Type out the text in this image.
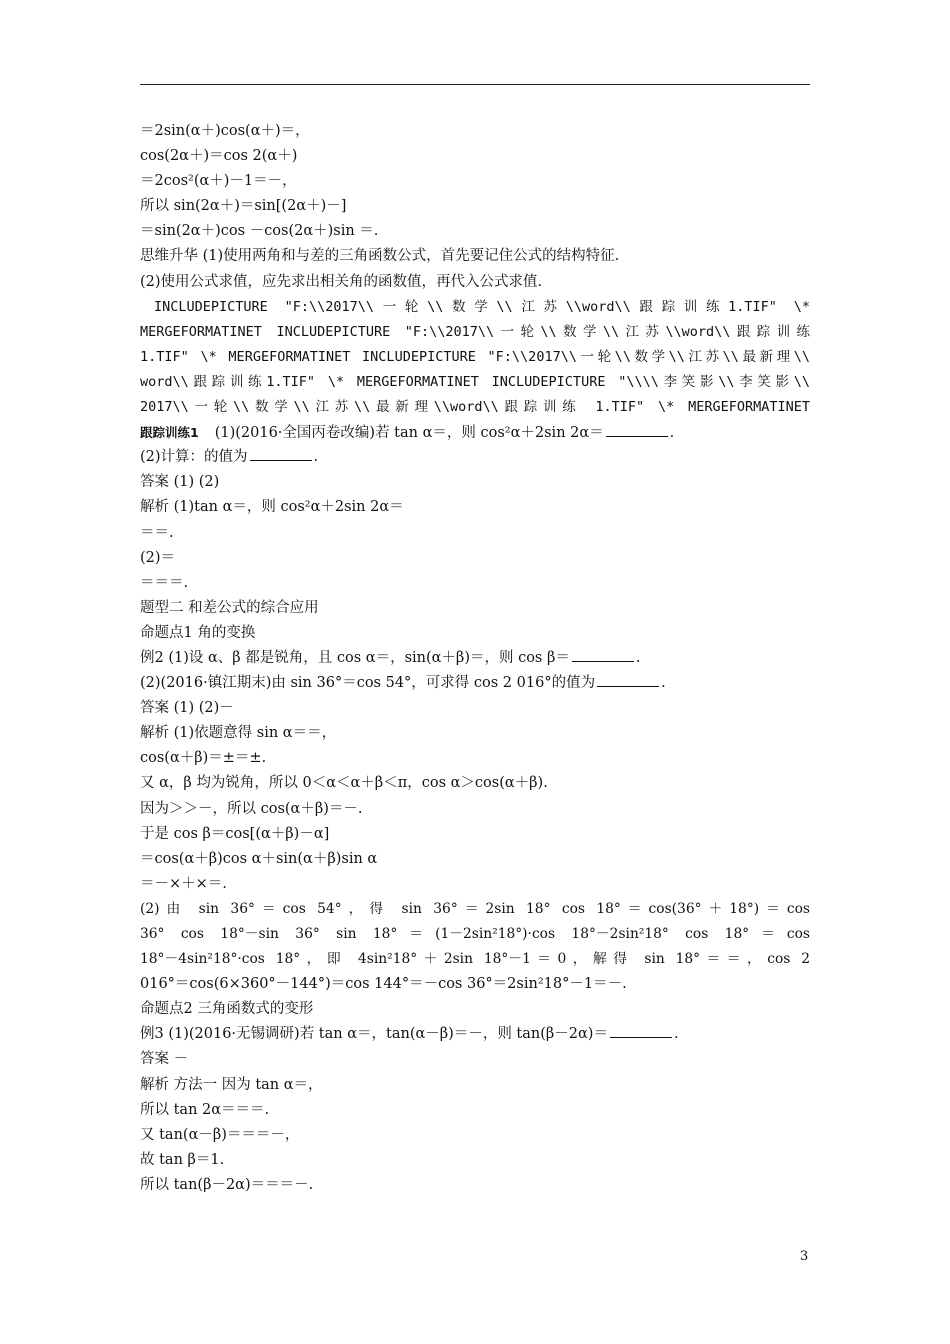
＝2sin(α＋)cos(α＋)＝，
cos(2α＋)＝cos 2(α＋)
＝2cos²(α＋)－1＝－，
所以 sin(2α＋)＝sin[(2α＋)－]
＝sin(2α＋)cos －cos(2α＋)sin ＝.
思维升华 (1)使用两角和与差的三角函数公式，首先要记住公式的结构特征.
(2)使用公式求值，应先求出相关角的函数值，再代入公式求值.
INCLUDEPICTURE "F:\\2017\\一轮\\数学\\江苏\\word\\跟踪训练1.TIF" \*
MERGEFORMATINET INCLUDEPICTURE "F:\\2017\\一轮\\数学\\江苏\\word\\跟踪训练
1.TIF" \* MERGEFORMATINET INCLUDEPICTURE "F:\\2017\\一轮\\数学\\江苏\\最新理\\
word\\跟踪训练1.TIF" \* MERGEFORMATINET INCLUDEPICTURE "\\\\李笑影\\李笑影\\
2017\\一轮\\数学\\江苏\\最新理\\word\\跟踪训练 1.TIF" \* MERGEFORMATINET
跟踪训练1 (1)(2016·全国丙卷改编)若 tan α＝，则 cos²α＋2sin 2α＝	.
(2)计算：的值为	.
答案 (1) (2)
解析 (1)tan α＝，则 cos²α＋2sin 2α＝
＝＝.
(2)＝
＝＝＝.
题型二 和差公式的综合应用
命题点1 角的变换
例2 (1)设 α、β 都是锐角，且 cos α＝，sin(α＋β)＝，则 cos β＝	.
(2)(2016·镇江期末)由 sin 36°＝cos 54°，可求得 cos 2 016°的值为	.
答案 (1) (2)－
解析 (1)依题意得 sin α＝＝，
cos(α＋β)＝±＝±.
又 α，β 均为锐角，所以 0＜α＜α＋β＜π，cos α＞cos(α＋β).
因为＞＞－，所以 cos(α＋β)＝－.
于是 cos β＝cos[(α＋β)－α]
＝cos(α＋β)cos α＋sin(α＋β)sin α
＝－×＋×＝.
(2)由 sin 36°＝cos 54°，得 sin 36°＝2sin 18° cos 18°＝cos(36°＋18°)＝cos
36° cos 18°－sin 36° sin 18°＝(1－2sin²18°)·cos 18°－2sin²18° cos 18°＝cos
18°－4sin²18°·cos 18°，即 4sin²18°＋2sin 18°－1＝0，解得 sin 18°＝＝，cos 2
016°＝cos(6×360°－144°)＝cos 144°＝－cos 36°＝2sin²18°－1＝－.
命题点2 三角函数式的变形
例3 (1)(2016·无锡调研)若 tan α＝，tan(α－β)＝－，则 tan(β－2α)＝	.
答案 －
解析 方法一 因为 tan α＝，
所以 tan 2α＝＝＝.
又 tan(α－β)＝＝＝－，
故 tan β＝1.
所以 tan(β－2α)＝＝＝－.
3
